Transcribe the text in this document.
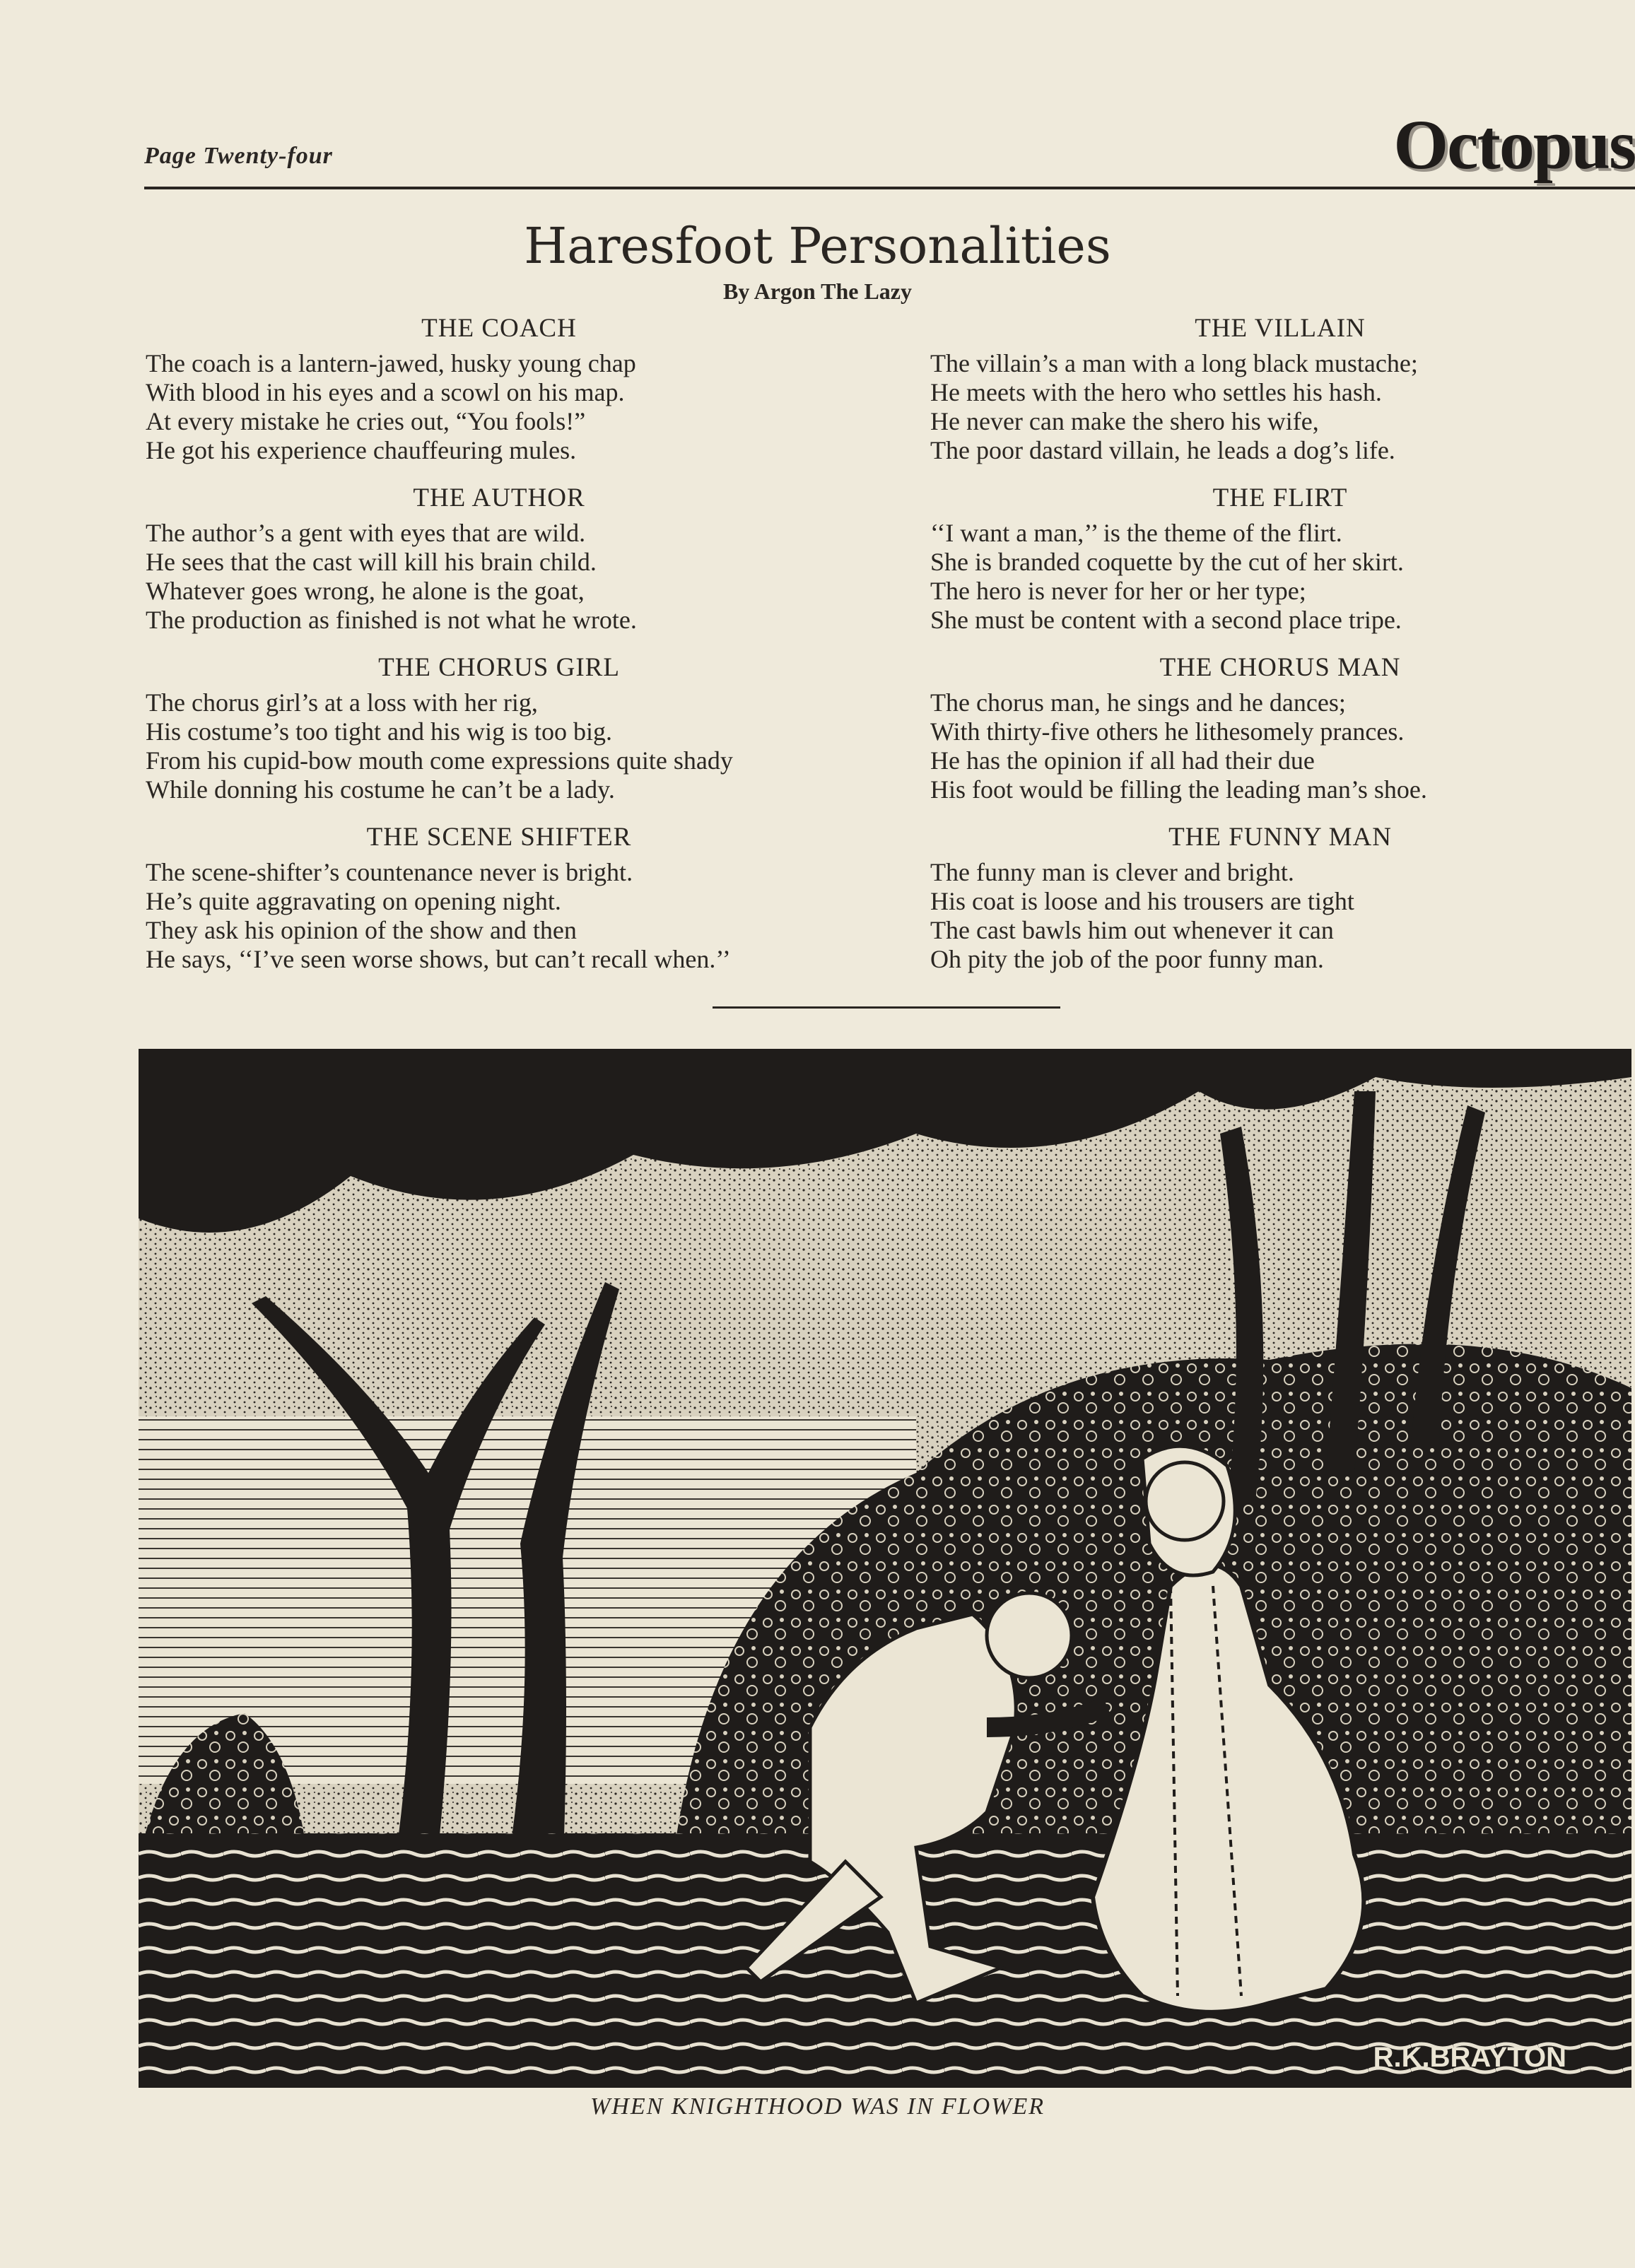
Page Twenty-four	Octopus
Haresfoot Personalities
By Argon The Lazy
THE COACH
The coach is a lantern-jawed, husky young chap
With blood in his eyes and a scowl on his map.
At every mistake he cries out, “You fools!”
He got his experience chauffeuring mules.
THE AUTHOR
The author’s a gent with eyes that are wild.
He sees that the cast will kill his brain child.
Whatever goes wrong, he alone is the goat,
The production as finished is not what he wrote.
THE CHORUS GIRL
The chorus girl’s at a loss with her rig,
His costume’s too tight and his wig is too big.
From his cupid-bow mouth come expressions quite shady
While donning his costume he can’t be a lady.
THE SCENE SHIFTER
The scene-shifter’s countenance never is bright.
He’s quite aggravating on opening night.
They ask his opinion of the show and then
He says, ‘‘I’ve seen worse shows, but can’t recall when.’’
THE VILLAIN
The villain’s a man with a long black mustache;
He meets with the hero who settles his hash.
He never can make the shero his wife,
The poor dastard villain, he leads a dog’s life.
THE FLIRT
‘‘I want a man,’’ is the theme of the flirt.
She is branded coquette by the cut of her skirt.
The hero is never for her or her type;
She must be content with a second place tripe.
THE CHORUS MAN
The chorus man, he sings and he dances;
With thirty-five others he lithesomely prances.
He has the opinion if all had their due
His foot would be filling the leading man’s shoe.
THE FUNNY MAN
The funny man is clever and bright.
His coat is loose and his trousers are tight
The cast bawls him out whenever it can
Oh pity the job of the poor funny man.
R.K.BRAYTON
WHEN KNIGHTHOOD WAS IN FLOWER
